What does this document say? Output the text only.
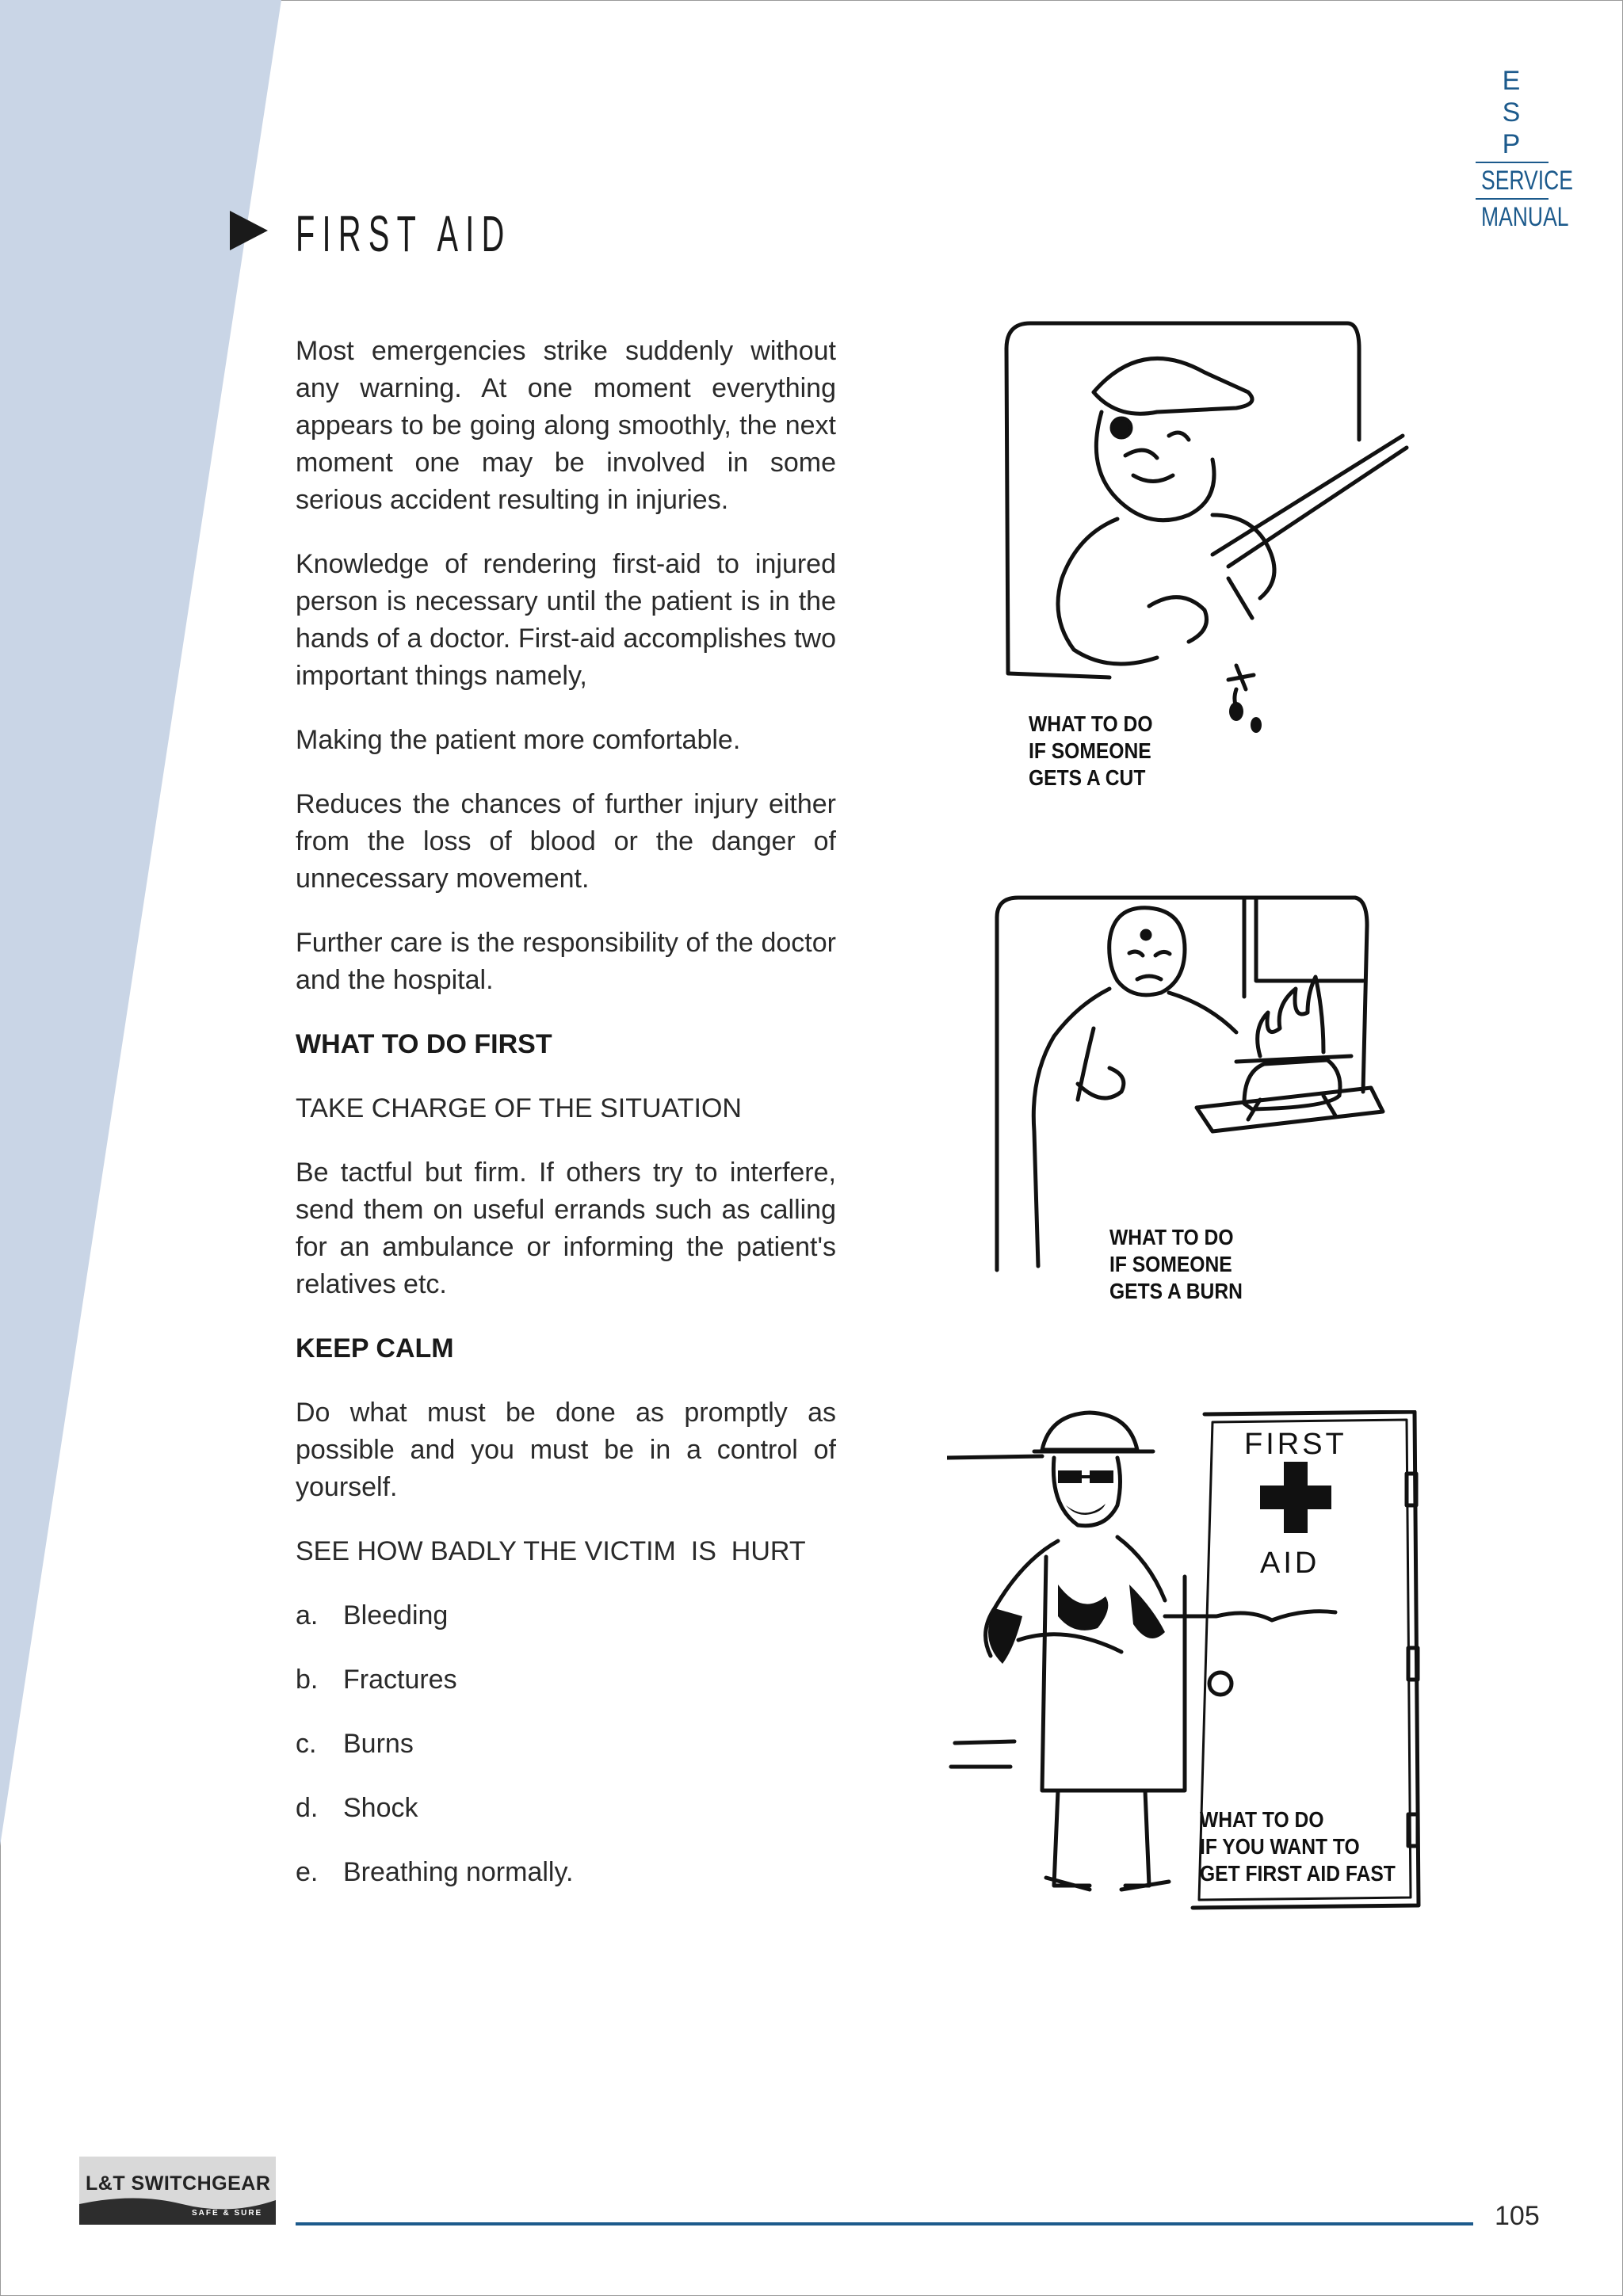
E S P
SERVICE
MANUAL
FIRST AID

Most emergencies strike suddenly without any warning. At one moment everything appears to be going along smoothly, the next moment one may be involved in some serious accident resulting in injuries.

Knowledge of rendering first-aid to injured person is necessary until the patient is in the hands of a doctor. First-aid accomplishes two important things namely,

Making the patient more comfortable.

Reduces the chances of further injury either from the loss of blood or the danger of unnecessary movement.

Further care is the responsibility of the doctor and the hospital.

WHAT TO DO FIRST

TAKE CHARGE OF THE SITUATION

Be tactful but firm. If others try to interfere, send them on useful errands such as calling for an ambulance or informing the patient's relatives etc.

KEEP CALM

Do what must be done as promptly as possible and you must be in a control of yourself.

SEE HOW BADLY THE VICTIM  IS  HURT

a. Bleeding
b. Fractures
c. Burns
d. Shock
e. Breathing normally.
WHAT TO DO
IF SOMEONE
GETS A CUT
WHAT TO DO
IF SOMEONE
GETS A BURN
FIRST
AID
WHAT TO DO
IF YOU WANT TO
GET FIRST AID FAST
L&T SWITCHGEAR
SAFE & SURE	105
